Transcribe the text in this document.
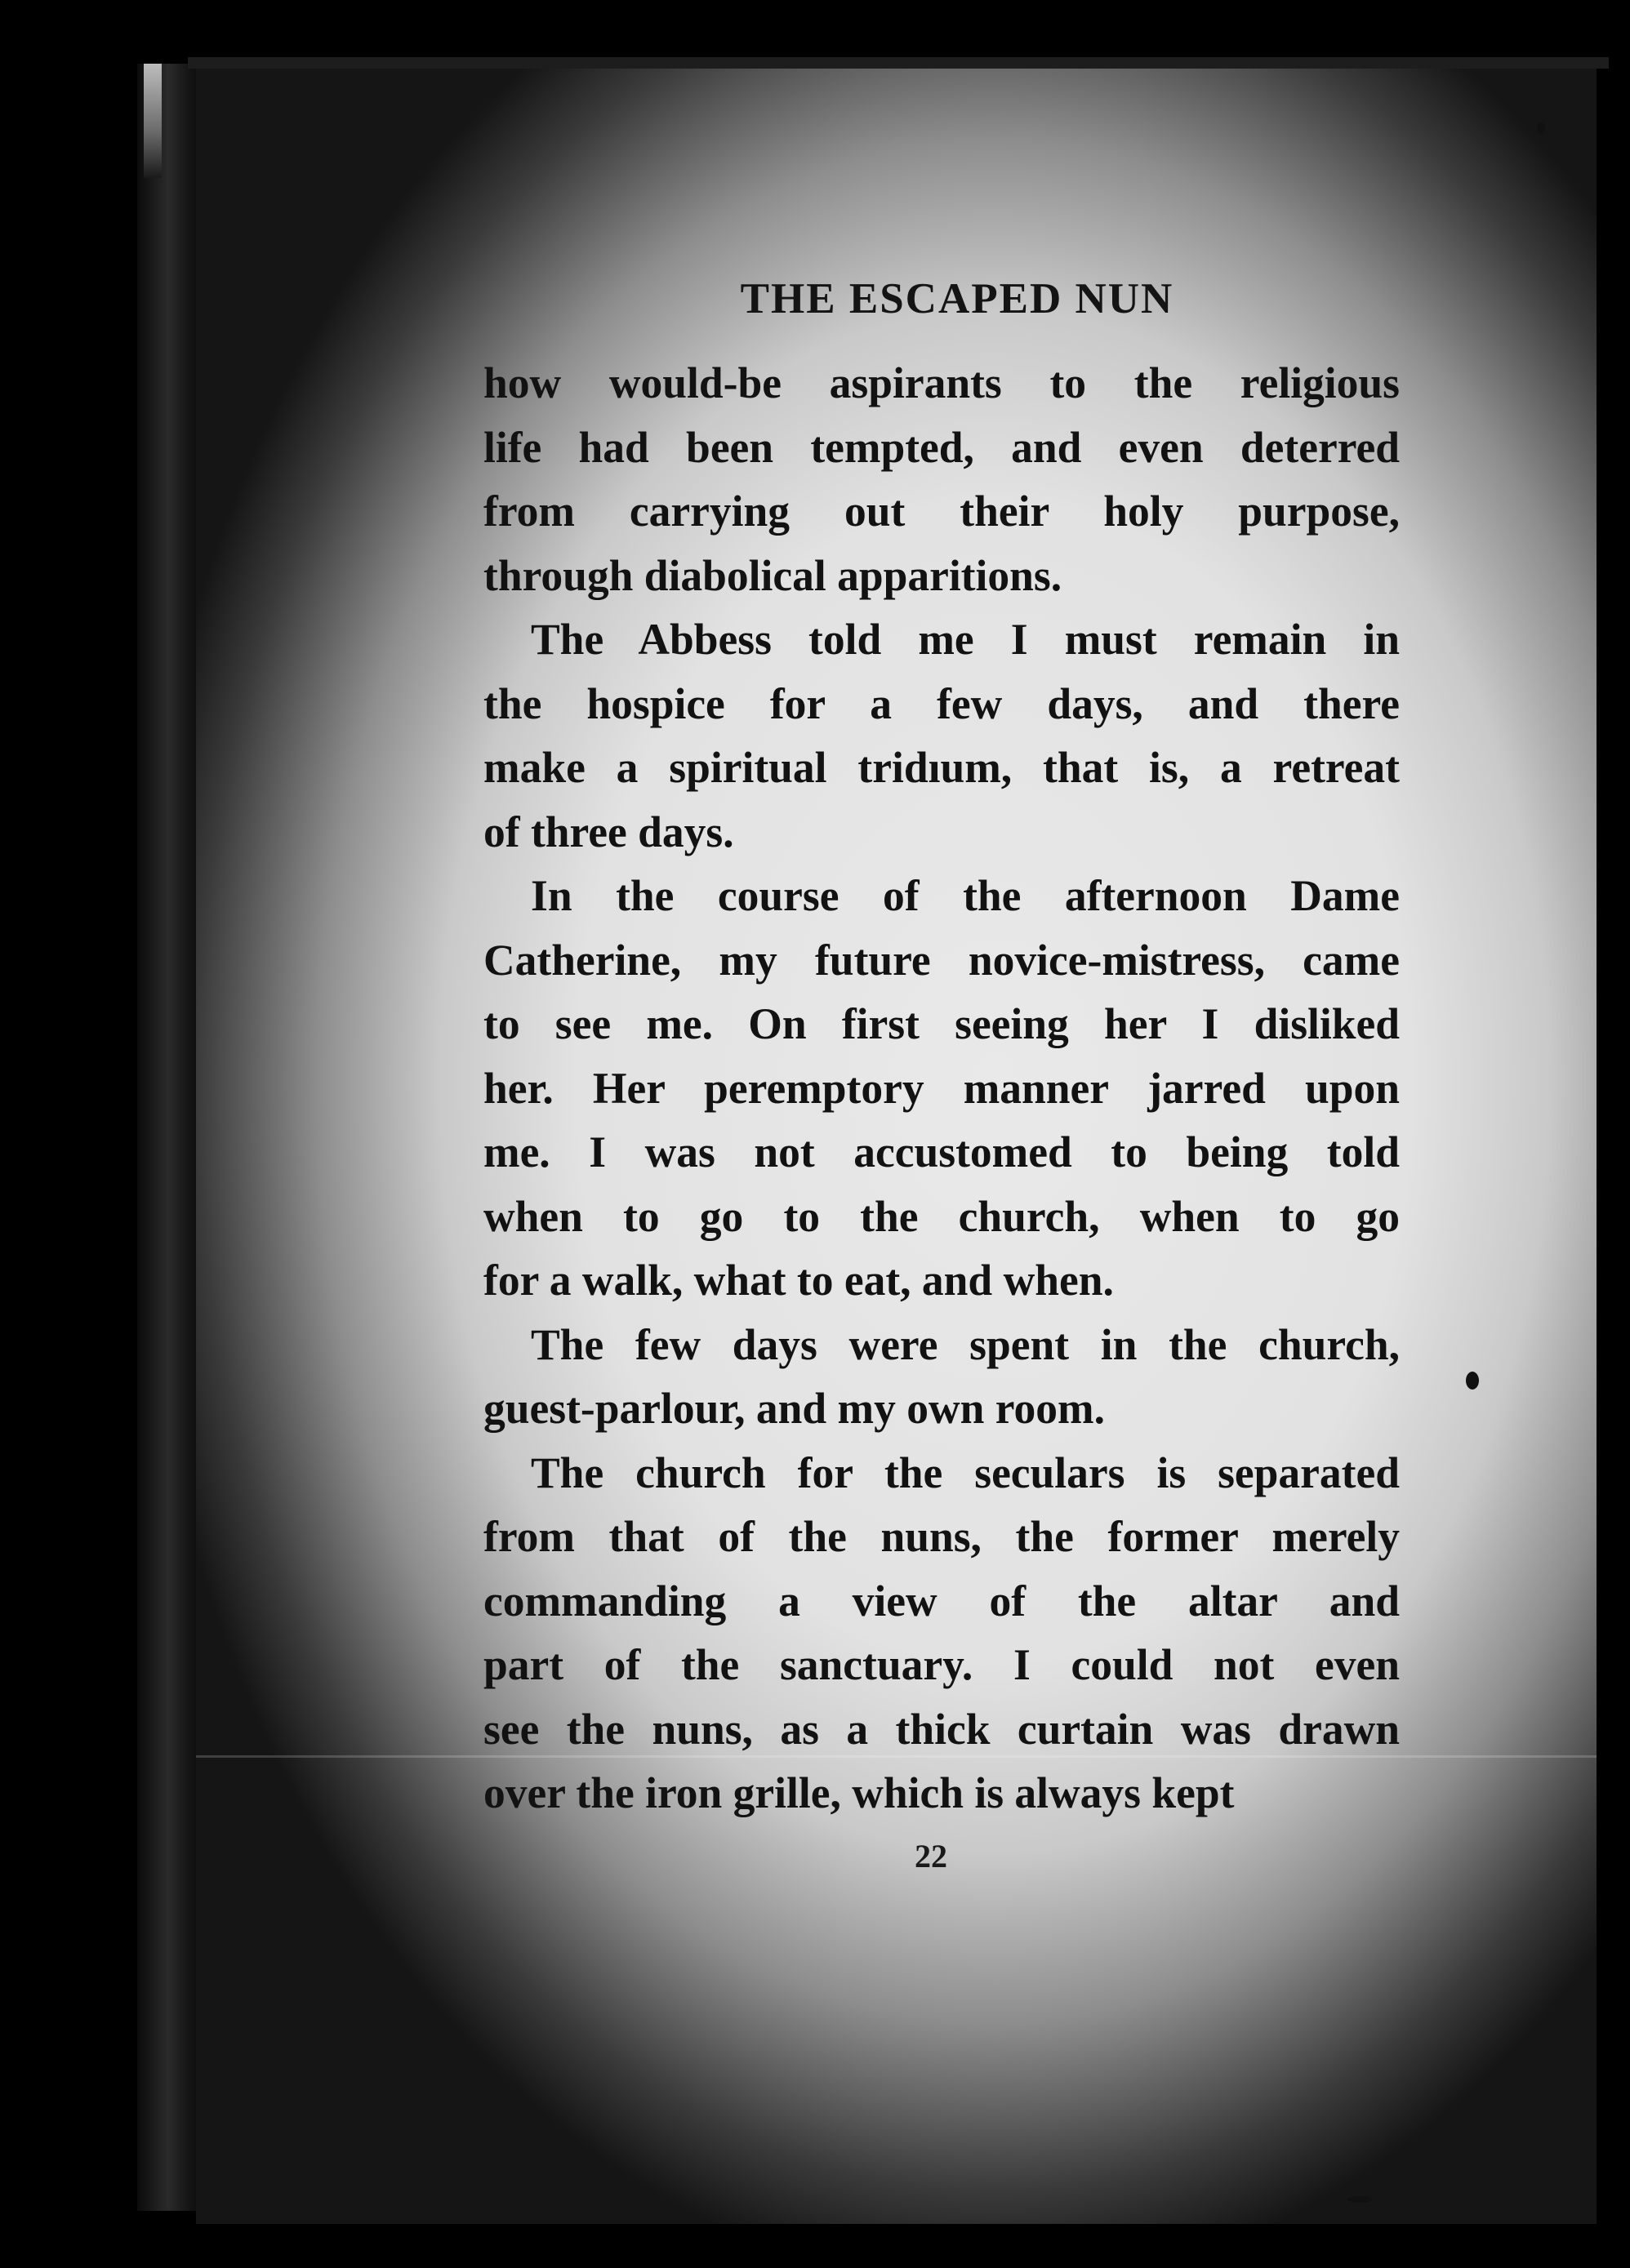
THE ESCAPED NUN

how would-be aspirants to the religious
life had been tempted, and even deterred
from carrying out their holy purpose,
through diabolical apparitions.

The Abbess told me I must remain in
the hospice for a few days, and there
make a spiritual tridıum, that is, a retreat
of three days.

In the course of the afternoon Dame
Catherine, my future novice-mistress, came
to see me. On first seeing her I disliked
her. Her peremptory manner jarred upon
me. I was not accustomed to being told
when to go to the church, when to go
for a walk, what to eat, and when.

The few days were spent in the church,
guest-parlour, and my own room.

The church for the seculars is separated
from that of the nuns, the former merely
commanding a view of the altar and
part of the sanctuary. I could not even
see the nuns, as a thick curtain was drawn
over the iron grille, which is always kept

22
